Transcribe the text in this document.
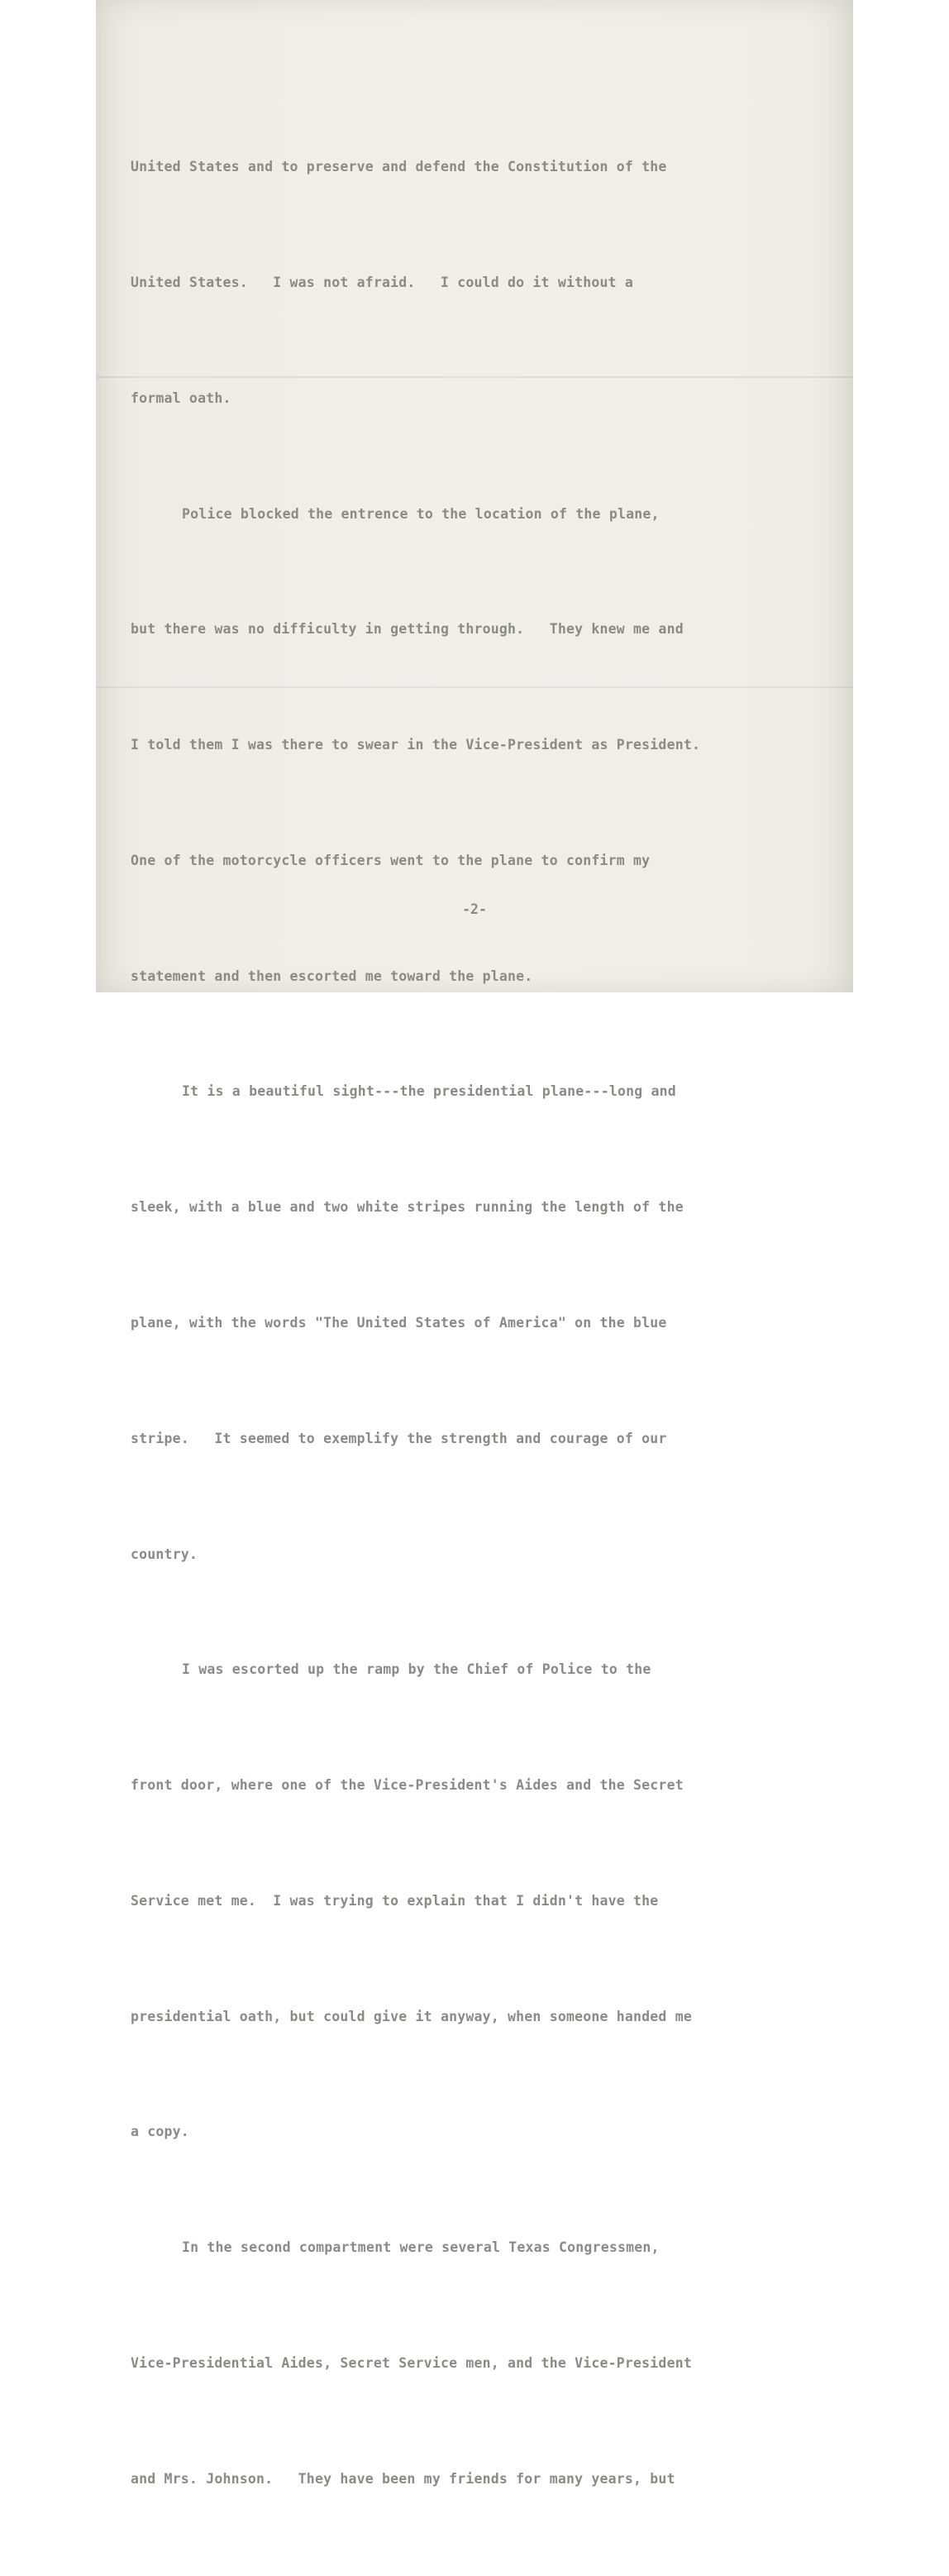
United States and to preserve and defend the Constitution of the

United States.   I was not afraid.   I could do it without a

formal oath.

Police blocked the entrence to the location of the plane,

but there was no difficulty in getting through.   They knew me and

I told them I was there to swear in the Vice-President as President.

One of the motorcycle officers went to the plane to confirm my

statement and then escorted me toward the plane.

It is a beautiful sight---the presidential plane---long and

sleek, with a blue and two white stripes running the length of the

plane, with the words "The United States of America" on the blue

stripe.   It seemed to exemplify the strength and courage of our

country.

I was escorted up the ramp by the Chief of Police to the

front door, where one of the Vice-President's Aides and the Secret

Service met me.  I was trying to explain that I didn't have the

presidential oath, but could give it anyway, when someone handed me

a copy.

In the second compartment were several Texas Congressmen,

Vice-Presidential Aides, Secret Service men, and the Vice-President

and Mrs. Johnson.   They have been my friends for many years, but

-2-
